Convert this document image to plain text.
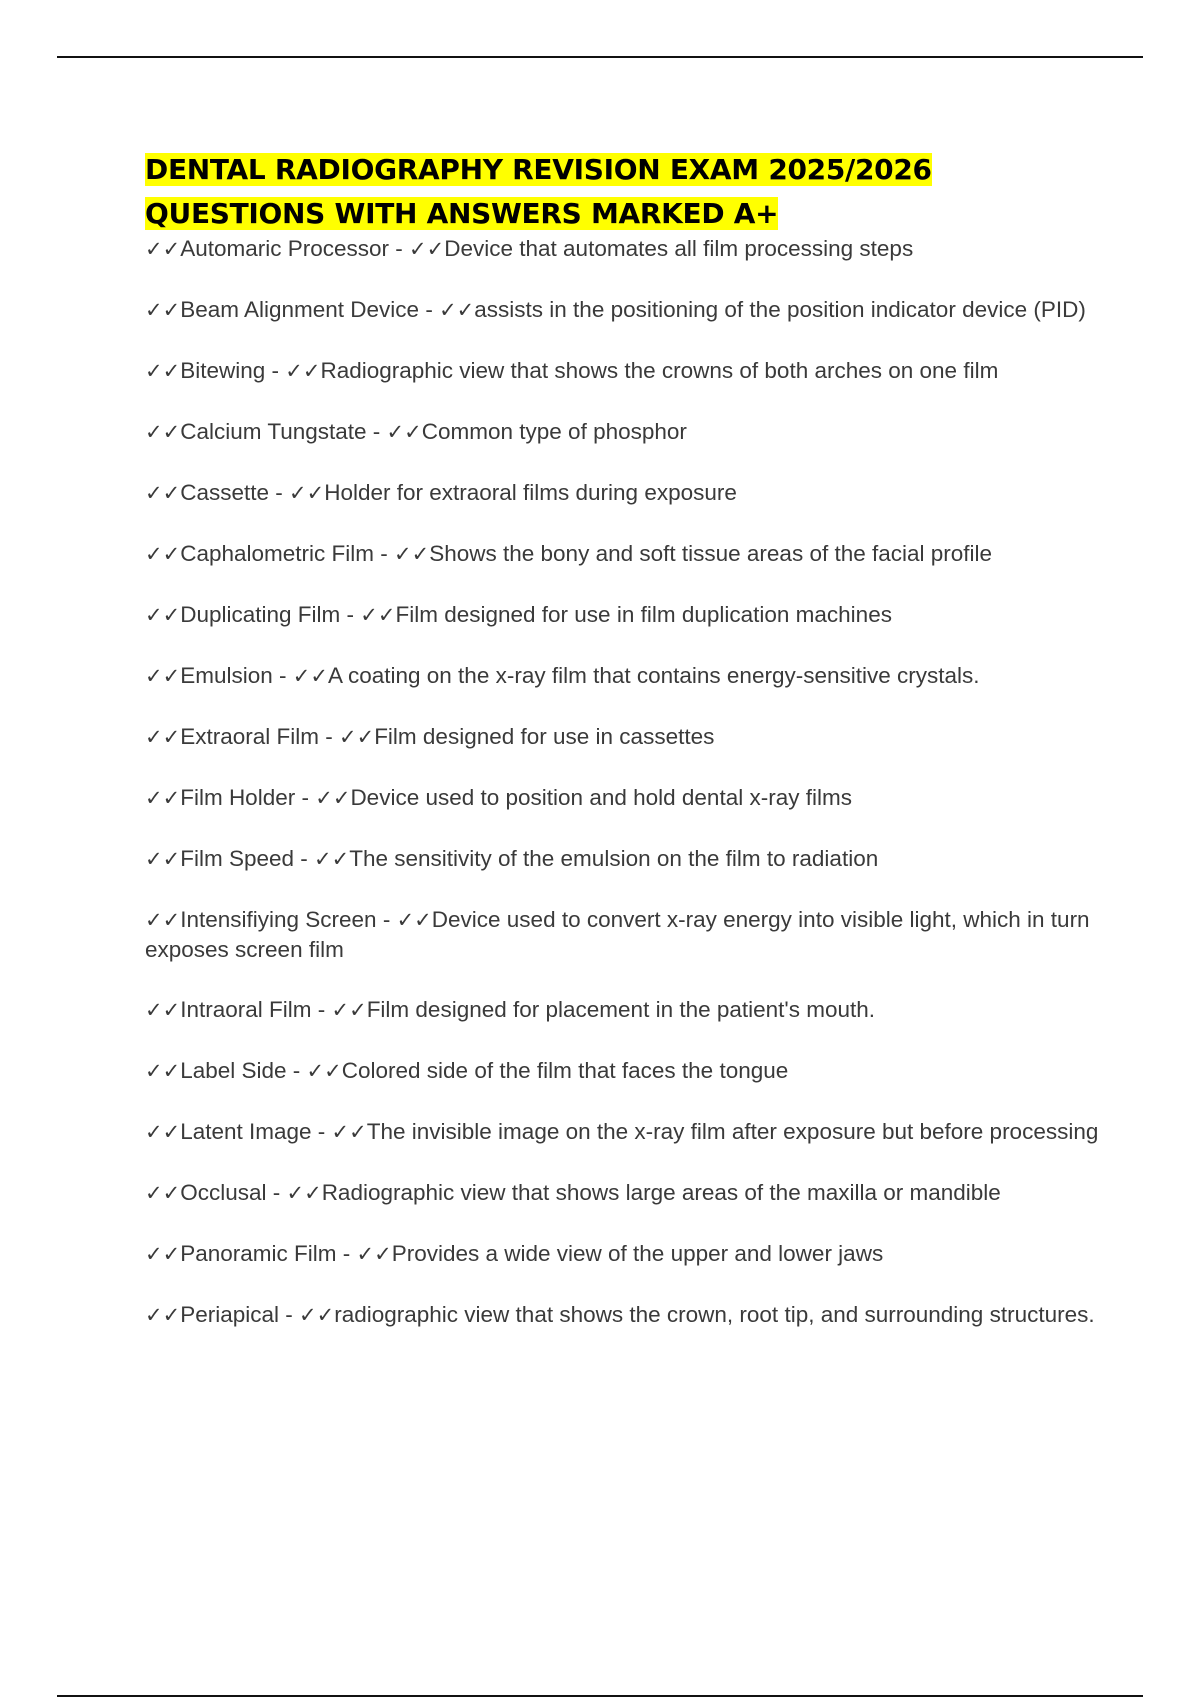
DENTAL RADIOGRAPHY REVISION EXAM 2025/2026
QUESTIONS WITH ANSWERS MARKED A+
✓✓Automaric Processor - ✓✓Device that automates all film processing steps
✓✓Beam Alignment Device - ✓✓assists in the positioning of the position indicator device (PID)
✓✓Bitewing - ✓✓Radiographic view that shows the crowns of both arches on one film
✓✓Calcium Tungstate - ✓✓Common type of phosphor
✓✓Cassette - ✓✓Holder for extraoral films during exposure
✓✓Caphalometric Film - ✓✓Shows the bony and soft tissue areas of the facial profile
✓✓Duplicating Film - ✓✓Film designed for use in film duplication machines
✓✓Emulsion - ✓✓A coating on the x-ray film that contains energy-sensitive crystals.
✓✓Extraoral Film - ✓✓Film designed for use in cassettes
✓✓Film Holder - ✓✓Device used to position and hold dental x-ray films
✓✓Film Speed - ✓✓The sensitivity of the emulsion on the film to radiation
✓✓Intensifiying Screen - ✓✓Device used to convert x-ray energy into visible light, which in turn exposes screen film
✓✓Intraoral Film - ✓✓Film designed for placement in the patient's mouth.
✓✓Label Side - ✓✓Colored side of the film that faces the tongue
✓✓Latent Image - ✓✓The invisible image on the x-ray film after exposure but before processing
✓✓Occlusal - ✓✓Radiographic view that shows large areas of the maxilla or mandible
✓✓Panoramic Film - ✓✓Provides a wide view of the upper and lower jaws
✓✓Periapical - ✓✓radiographic view that shows the crown, root tip, and surrounding structures.
